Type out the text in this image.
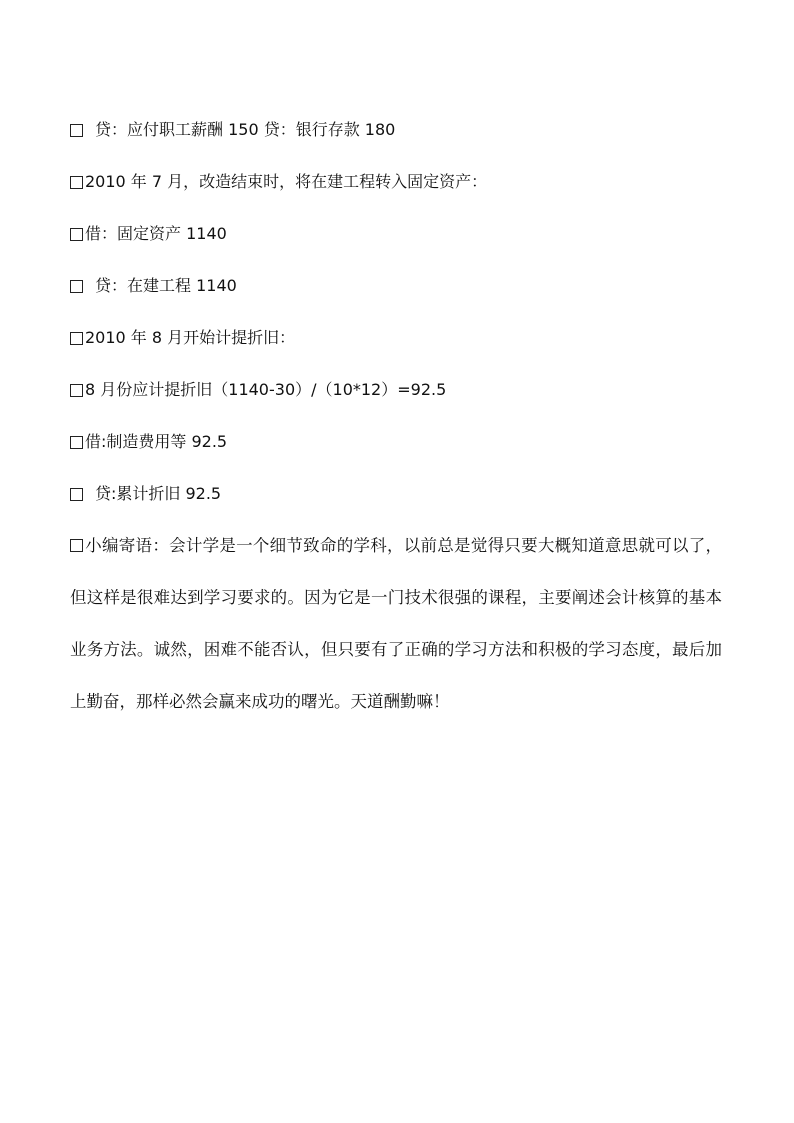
贷：应付职工薪酬 150 贷：银行存款 180
2010 年 7 月，改造结束时，将在建工程转入固定资产：
借：固定资产 1140
贷：在建工程 1140
2010 年 8 月开始计提折旧：
8 月份应计提折旧（1140-30）/（10*12）=92.5
借:制造费用等 92.5
贷:累计折旧 92.5
小编寄语：会计学是一个细节致命的学科，以前总是觉得只要大概知道意思就可以了，但这样是很难达到学习要求的。因为它是一门技术很强的课程，主要阐述会计核算的基本业务方法。诚然，困难不能否认，但只要有了正确的学习方法和积极的学习态度，最后加上勤奋，那样必然会赢来成功的曙光。天道酬勤嘛！
